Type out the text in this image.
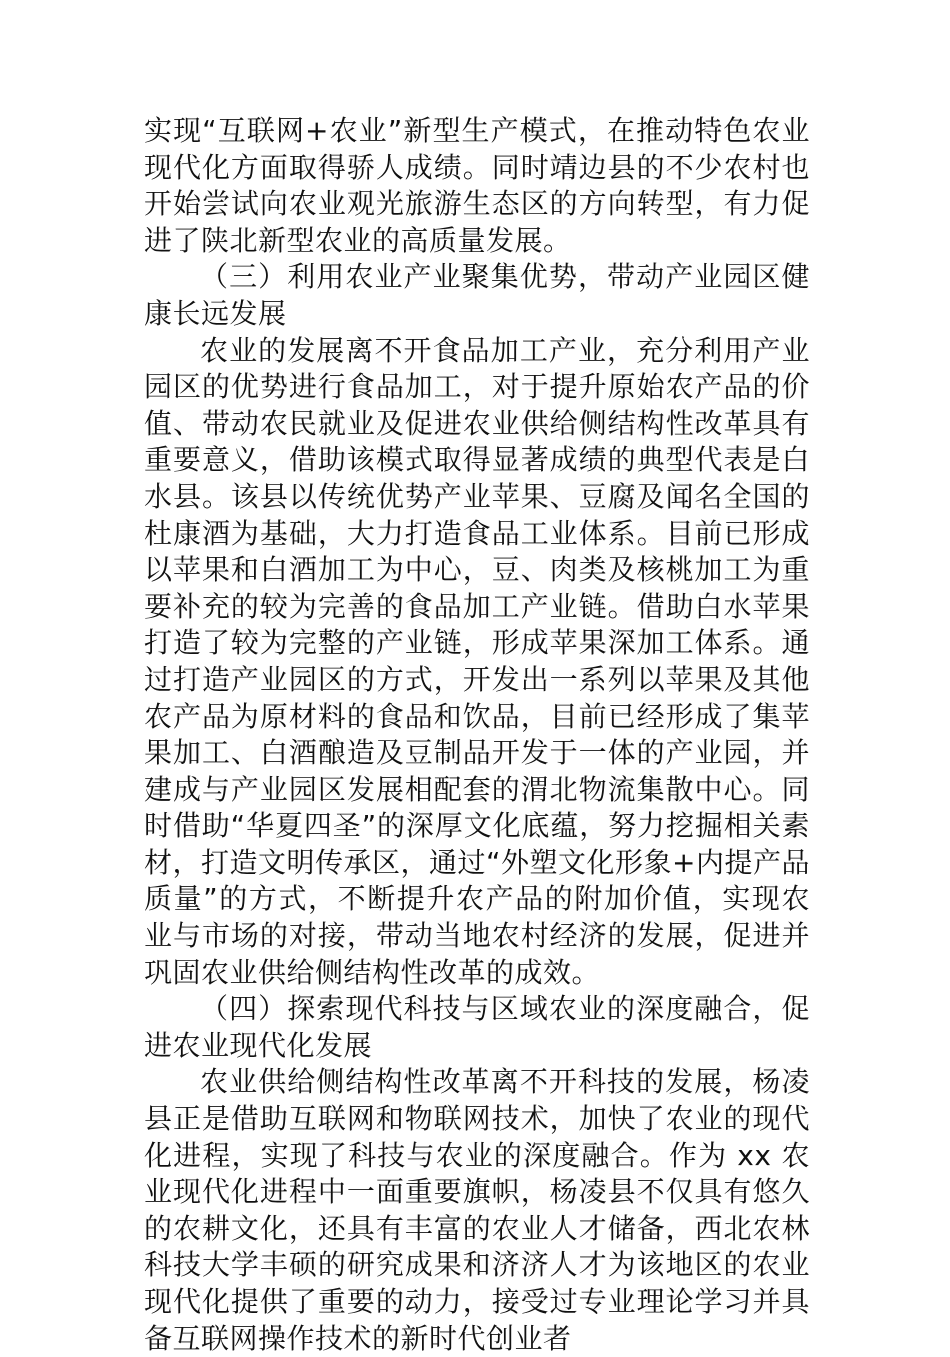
实现“互联网+农业”新型生产模式，在推动特色农业现代化方面取得骄人成绩。同时靖边县的不少农村也开始尝试向农业观光旅游生态区的方向转型，有力促进了陕北新型农业的高质量发展。

（三）利用农业产业聚集优势，带动产业园区健康长远发展

农业的发展离不开食品加工产业，充分利用产业园区的优势进行食品加工，对于提升原始农产品的价值、带动农民就业及促进农业供给侧结构性改革具有重要意义，借助该模式取得显著成绩的典型代表是白水县。该县以传统优势产业苹果、豆腐及闻名全国的杜康酒为基础，大力打造食品工业体系。目前已形成以苹果和白酒加工为中心，豆、肉类及核桃加工为重要补充的较为完善的食品加工产业链。借助白水苹果打造了较为完整的产业链，形成苹果深加工体系。通过打造产业园区的方式，开发出一系列以苹果及其他农产品为原材料的食品和饮品，目前已经形成了集苹果加工、白酒酿造及豆制品开发于一体的产业园，并建成与产业园区发展相配套的渭北物流集散中心。同时借助“华夏四圣”的深厚文化底蕴，努力挖掘相关素材，打造文明传承区，通过“外塑文化形象+内提产品质量”的方式，不断提升农产品的附加价值，实现农业与市场的对接，带动当地农村经济的发展，促进并巩固农业供给侧结构性改革的成效。

（四）探索现代科技与区域农业的深度融合，促进农业现代化发展

农业供给侧结构性改革离不开科技的发展，杨凌县正是借助互联网和物联网技术，加快了农业的现代化进程，实现了科技与农业的深度融合。作为 xx 农业现代化进程中一面重要旗帜，杨凌县不仅具有悠久的农耕文化，还具有丰富的农业人才储备，西北农林科技大学丰硕的研究成果和济济人才为该地区的农业现代化提供了重要的动力，接受过专业理论学习并具备互联网操作技术的新时代创业者
